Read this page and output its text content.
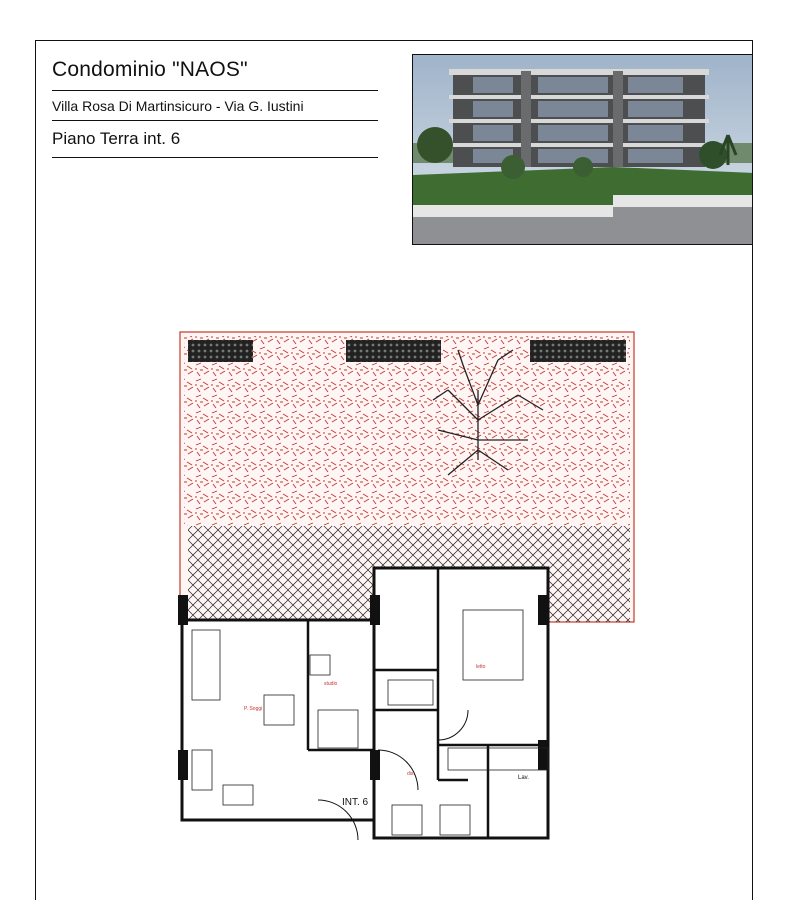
Condominio "NAOS"
Villa Rosa Di Martinsicuro - Via G. Iustini
Piano Terra int. 6
P. Soggi
studio
letto
dis.
INT. 6
Lav.
